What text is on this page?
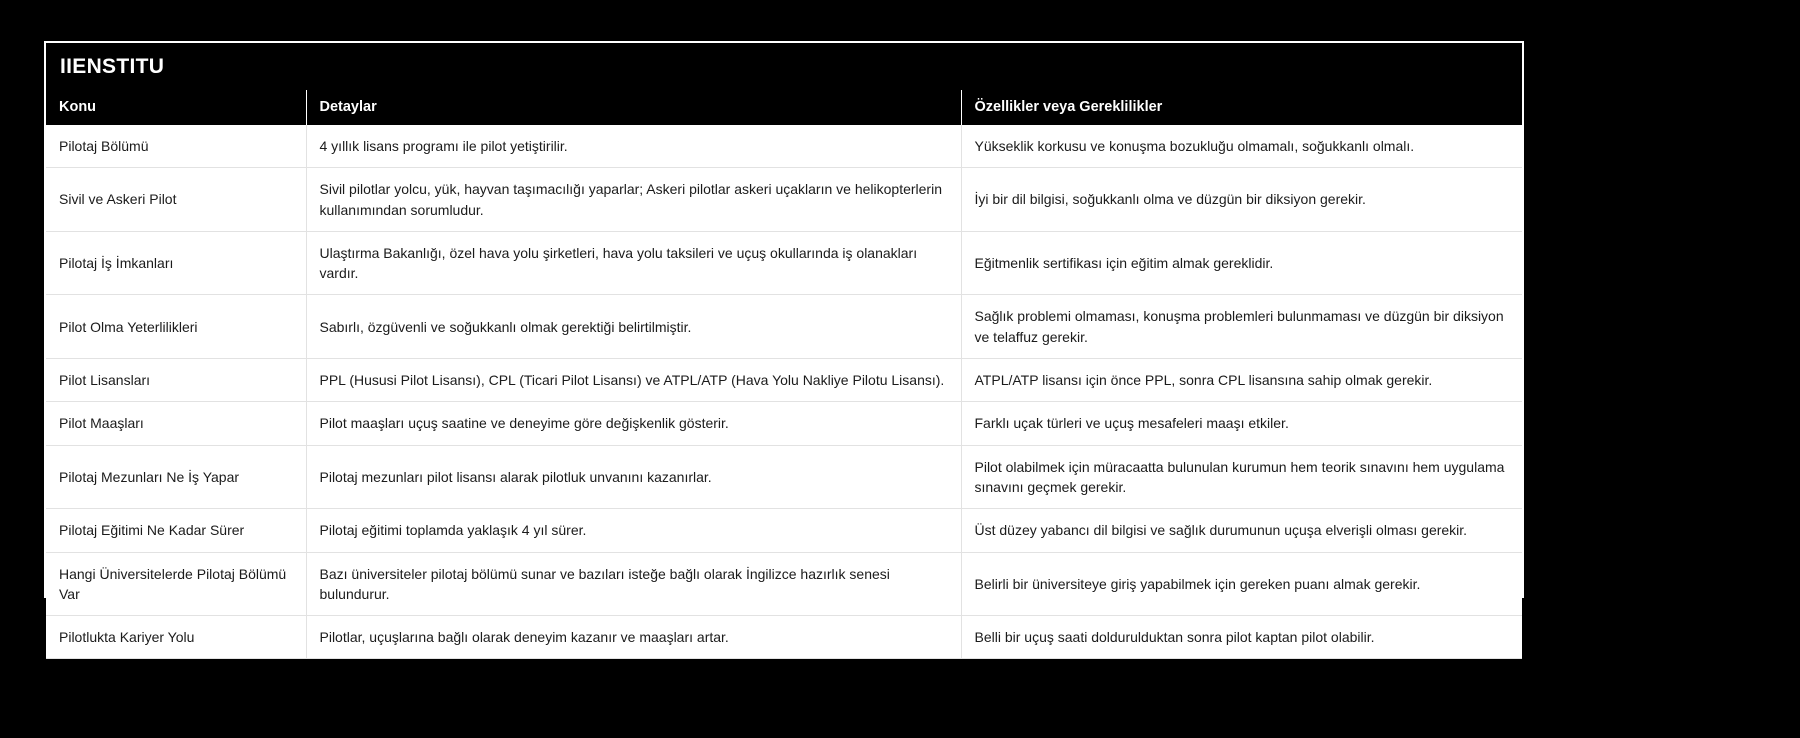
IIENSTITU
Konu	Detaylar	Özellikler veya Gereklilikler
Pilotaj Bölümü	4 yıllık lisans programı ile pilot yetiştirilir.	Yükseklik korkusu ve konuşma bozukluğu olmamalı, soğukkanlı olmalı.
Sivil ve Askeri Pilot	Sivil pilotlar yolcu, yük, hayvan taşımacılığı yaparlar; Askeri pilotlar askeri uçakların ve helikopterlerin kullanımından sorumludur.	İyi bir dil bilgisi, soğukkanlı olma ve düzgün bir diksiyon gerekir.
Pilotaj İş İmkanları	Ulaştırma Bakanlığı, özel hava yolu şirketleri, hava yolu taksileri ve uçuş okullarında iş olanakları vardır.	Eğitmenlik sertifikası için eğitim almak gereklidir.
Pilot Olma Yeterlilikleri	Sabırlı, özgüvenli ve soğukkanlı olmak gerektiği belirtilmiştir.	Sağlık problemi olmaması, konuşma problemleri bulunmaması ve düzgün bir diksiyon ve telaffuz gerekir.
Pilot Lisansları	PPL (Hususi Pilot Lisansı), CPL (Ticari Pilot Lisansı) ve ATPL/ATP (Hava Yolu Nakliye Pilotu Lisansı).	ATPL/ATP lisansı için önce PPL, sonra CPL lisansına sahip olmak gerekir.
Pilot Maaşları	Pilot maaşları uçuş saatine ve deneyime göre değişkenlik gösterir.	Farklı uçak türleri ve uçuş mesafeleri maaşı etkiler.
Pilotaj Mezunları Ne İş Yapar	Pilotaj mezunları pilot lisansı alarak pilotluk unvanını kazanırlar.	Pilot olabilmek için müracaatta bulunulan kurumun hem teorik sınavını hem uygulama sınavını geçmek gerekir.
Pilotaj Eğitimi Ne Kadar Sürer	Pilotaj eğitimi toplamda yaklaşık 4 yıl sürer.	Üst düzey yabancı dil bilgisi ve sağlık durumunun uçuşa elverişli olması gerekir.
Hangi Üniversitelerde Pilotaj Bölümü Var	Bazı üniversiteler pilotaj bölümü sunar ve bazıları isteğe bağlı olarak İngilizce hazırlık senesi bulundurur.	Belirli bir üniversiteye giriş yapabilmek için gereken puanı almak gerekir.
Pilotlukta Kariyer Yolu	Pilotlar, uçuşlarına bağlı olarak deneyim kazanır ve maaşları artar.	Belli bir uçuş saati doldurulduktan sonra pilot kaptan pilot olabilir.
